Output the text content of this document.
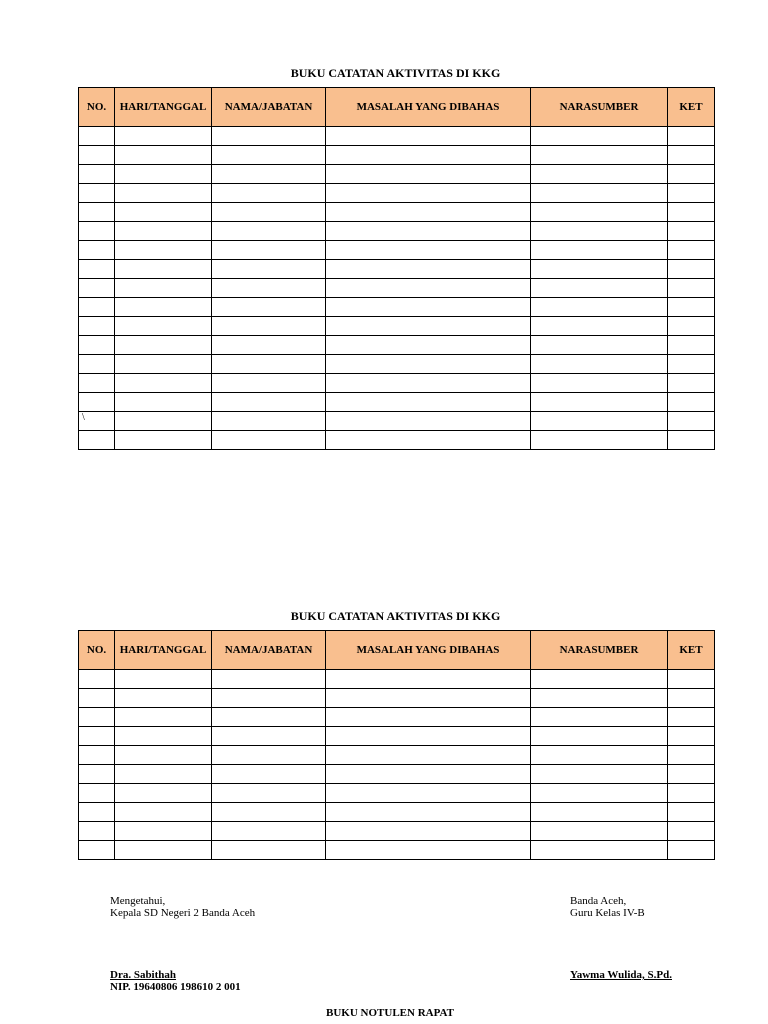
BUKU CATATAN AKTIVITAS DI KKG
NO.	HARI/TANGGAL	NAMA/JABATAN	MASALAH YANG DIBAHAS	NARASUMBER	KET

\					

BUKU CATATAN AKTIVITAS DI KKG
NO.	HARI/TANGGAL	NAMA/JABATAN	MASALAH YANG DIBAHAS	NARASUMBER	KET

Mengetahui,
Kepala SD Negeri 2 Banda Aceh
Banda Aceh,
Guru Kelas IV-B
Dra. Sabithah
NIP. 19640806 198610 2 001
Yawma Wulida, S.Pd.
BUKU NOTULEN RAPAT
